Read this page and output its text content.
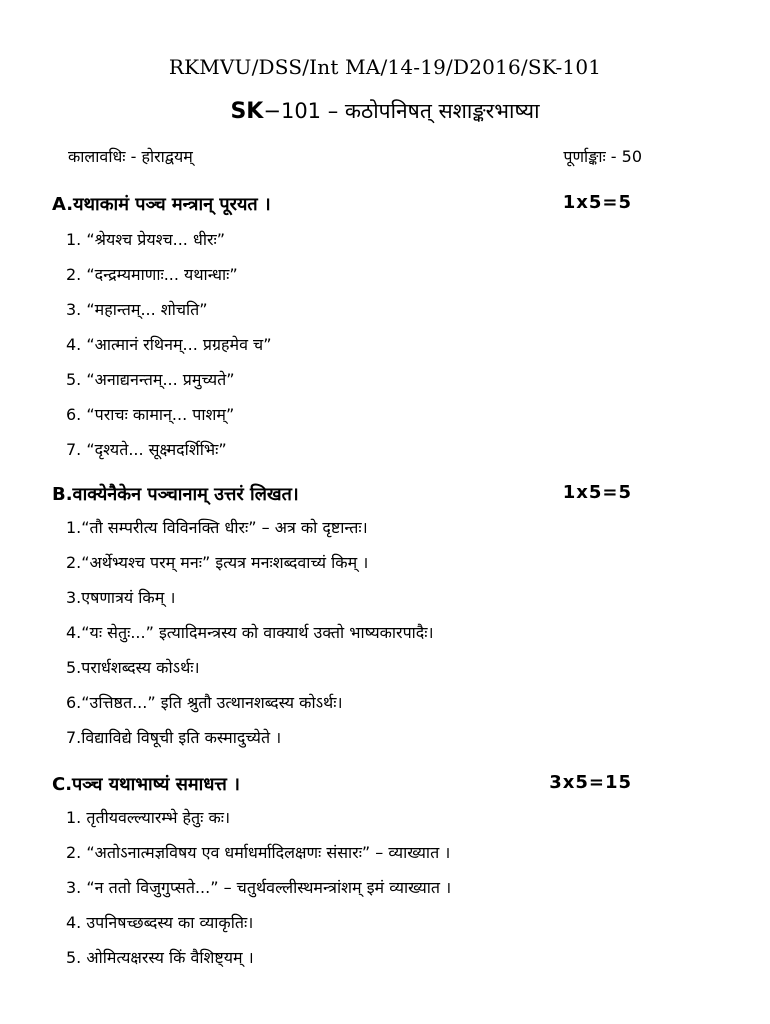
RKMVU/DSS/Int MA/14-19/D2016/SK-101
SK−101 – कठोपनिषत् सशाङ्करभाष्या
कालावधिः - होराद्वयम्	पूर्णाङ्काः - 50
A.यथाकामं पञ्च मन्त्रान् पूरयत ।	1x5=5
1. “श्रेयश्च प्रेयश्च... धीरः”
2. “दन्द्रम्यमाणाः... यथान्धाः”
3. “महान्तम्... शोचति”
4. “आत्मानं रथिनम्... प्रग्रहमेव च”
5. “अनाद्यनन्तम्... प्रमुच्यते”
6. “पराचः कामान्... पाशम्”
7. “दृश्यते... सूक्ष्मदर्शिभिः”
B.वाक्येनैकेन पञ्चानाम् उत्तरं लिखत।	1x5=5
1.“तौ सम्परीत्य विविनक्ति धीरः” – अत्र को दृष्टान्तः।
2.“अर्थेभ्यश्च परम् मनः” इत्यत्र मनःशब्दवाच्यं किम् ।
3.एषणात्रयं किम् ।
4.“यः सेतुः...” इत्यादिमन्त्रस्य को वाक्यार्थ उक्तो भाष्यकारपादैः।
5.परार्धशब्दस्य कोऽर्थः।
6.“उत्तिष्ठत...” इति श्रुतौ उत्थानशब्दस्य कोऽर्थः।
7.विद्याविद्ये विषूची इति कस्मादुच्येते ।
C.पञ्च यथाभाष्यं समाधत्त ।	3x5=15
1. तृतीयवल्ल्यारम्भे हेतुः कः।
2. “अतोऽनात्मज्ञविषय एव धर्माधर्मादिलक्षणः संसारः” – व्याख्यात ।
3. “न ततो विजुगुप्सते...” – चतुर्थवल्लीस्थमन्त्रांशम् इमं व्याख्यात ।
4. उपनिषच्छब्दस्य का व्याकृतिः।
5. ओमित्यक्षरस्य किं वैशिष्ट्यम् ।
